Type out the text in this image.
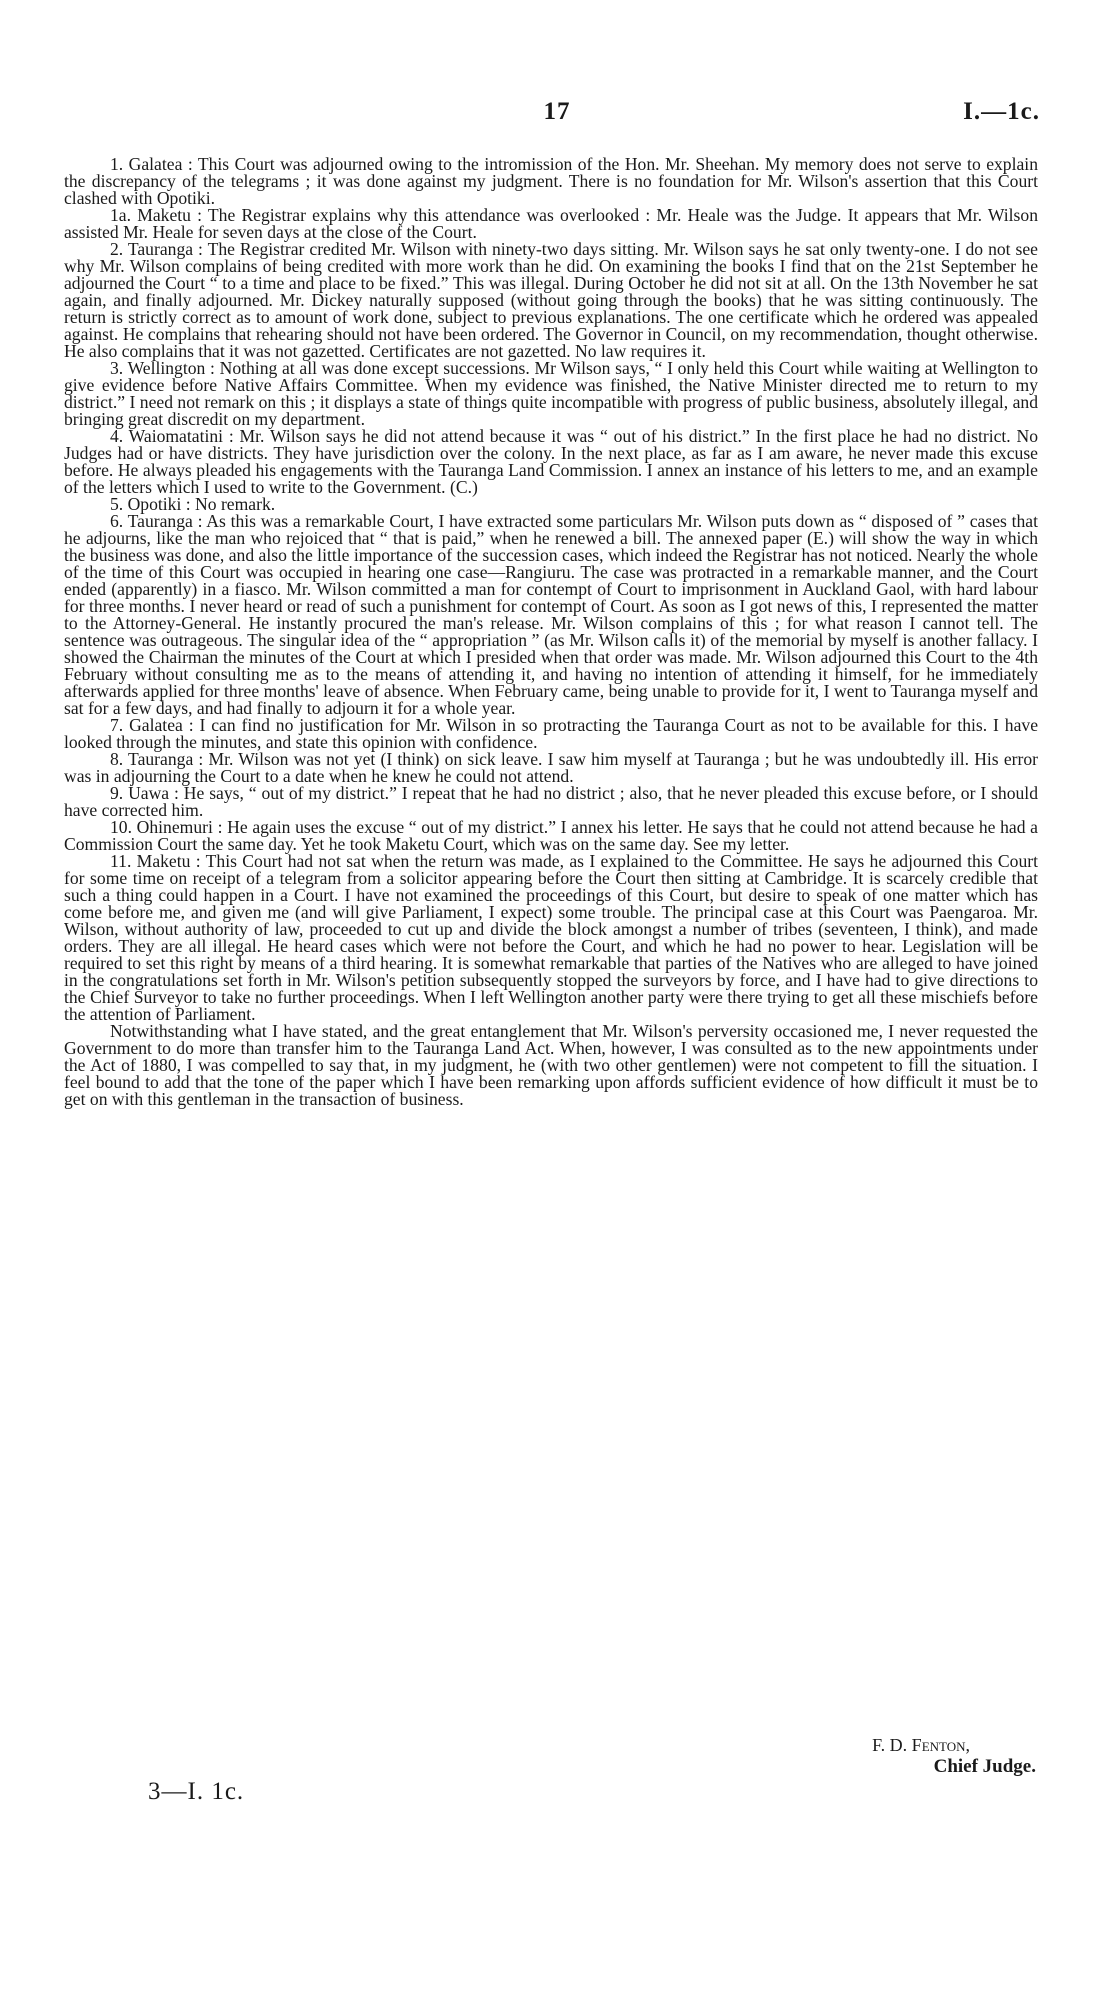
17	I.—1c.

1. Galatea : This Court was adjourned owing to the intromission of the Hon. Mr. Sheehan. My memory does not serve to explain the discrepancy of the telegrams ; it was done against my judgment. There is no foundation for Mr. Wilson's assertion that this Court clashed with Opotiki.

1a. Maketu : The Registrar explains why this attendance was overlooked : Mr. Heale was the Judge. It appears that Mr. Wilson assisted Mr. Heale for seven days at the close of the Court.

2. Tauranga : The Registrar credited Mr. Wilson with ninety-two days sitting. Mr. Wilson says he sat only twenty-one. I do not see why Mr. Wilson complains of being credited with more work than he did. On examining the books I find that on the 21st September he adjourned the Court “ to a time and place to be fixed.” This was illegal. During October he did not sit at all. On the 13th November he sat again, and finally adjourned. Mr. Dickey naturally supposed (without going through the books) that he was sitting continuously. The return is strictly correct as to amount of work done, subject to previous explanations. The one certificate which he ordered was appealed against. He complains that rehearing should not have been ordered. The Governor in Council, on my recommendation, thought otherwise. He also complains that it was not gazetted. Certificates are not gazetted. No law requires it.

3. Wellington : Nothing at all was done except successions. Mr Wilson says, “ I only held this Court while waiting at Wellington to give evidence before Native Affairs Committee. When my evidence was finished, the Native Minister directed me to return to my district.” I need not remark on this ; it displays a state of things quite incompatible with progress of public business, absolutely illegal, and bringing great discredit on my department.

4. Waiomatatini : Mr. Wilson says he did not attend because it was “ out of his district.” In the first place he had no district. No Judges had or have districts. They have jurisdiction over the colony. In the next place, as far as I am aware, he never made this excuse before. He always pleaded his engagements with the Tauranga Land Commission. I annex an instance of his letters to me, and an example of the letters which I used to write to the Government. (C.)

5. Opotiki : No remark.

6. Tauranga : As this was a remarkable Court, I have extracted some particulars Mr. Wilson puts down as “ disposed of ” cases that he adjourns, like the man who rejoiced that “ that is paid,” when he renewed a bill. The annexed paper (E.) will show the way in which the business was done, and also the little importance of the succession cases, which indeed the Registrar has not noticed. Nearly the whole of the time of this Court was occupied in hearing one case—Rangiuru. The case was protracted in a remarkable manner, and the Court ended (apparently) in a fiasco. Mr. Wilson committed a man for contempt of Court to imprisonment in Auckland Gaol, with hard labour for three months. I never heard or read of such a punishment for contempt of Court. As soon as I got news of this, I represented the matter to the Attorney-General. He instantly procured the man's release. Mr. Wilson complains of this ; for what reason I cannot tell. The sentence was outrageous. The singular idea of the “ appropriation ” (as Mr. Wilson calls it) of the memorial by myself is another fallacy. I showed the Chairman the minutes of the Court at which I presided when that order was made. Mr. Wilson adjourned this Court to the 4th February without consulting me as to the means of attending it, and having no intention of attending it himself, for he immediately afterwards applied for three months' leave of absence. When February came, being unable to provide for it, I went to Tauranga myself and sat for a few days, and had finally to adjourn it for a whole year.

7. Galatea : I can find no justification for Mr. Wilson in so protracting the Tauranga Court as not to be available for this. I have looked through the minutes, and state this opinion with confidence.

8. Tauranga : Mr. Wilson was not yet (I think) on sick leave. I saw him myself at Tauranga ; but he was undoubtedly ill. His error was in adjourning the Court to a date when he knew he could not attend.

9. Uawa : He says, “ out of my district.” I repeat that he had no district ; also, that he never pleaded this excuse before, or I should have corrected him.

10. Ohinemuri : He again uses the excuse “ out of my district.” I annex his letter. He says that he could not attend because he had a Commission Court the same day. Yet he took Maketu Court, which was on the same day. See my letter.

11. Maketu : This Court had not sat when the return was made, as I explained to the Committee. He says he adjourned this Court for some time on receipt of a telegram from a solicitor appearing before the Court then sitting at Cambridge. It is scarcely credible that such a thing could happen in a Court. I have not examined the proceedings of this Court, but desire to speak of one matter which has come before me, and given me (and will give Parliament, I expect) some trouble. The principal case at this Court was Paengaroa. Mr. Wilson, without authority of law, proceeded to cut up and divide the block amongst a number of tribes (seventeen, I think), and made orders. They are all illegal. He heard cases which were not before the Court, and which he had no power to hear. Legislation will be required to set this right by means of a third hearing. It is somewhat remarkable that parties of the Natives who are alleged to have joined in the congratulations set forth in Mr. Wilson's petition subsequently stopped the surveyors by force, and I have had to give directions to the Chief Surveyor to take no further proceedings. When I left Wellington another party were there trying to get all these mischiefs before the attention of Parliament.

Notwithstanding what I have stated, and the great entanglement that Mr. Wilson's perversity occasioned me, I never requested the Government to do more than transfer him to the Tauranga Land Act. When, however, I was consulted as to the new appointments under the Act of 1880, I was compelled to say that, in my judgment, he (with two other gentlemen) were not competent to fill the situation. I feel bound to add that the tone of the paper which I have been remarking upon affords sufficient evidence of how difficult it must be to get on with this gentleman in the transaction of business.

F. D. Fenton,
Chief Judge.
3—I. 1c.
